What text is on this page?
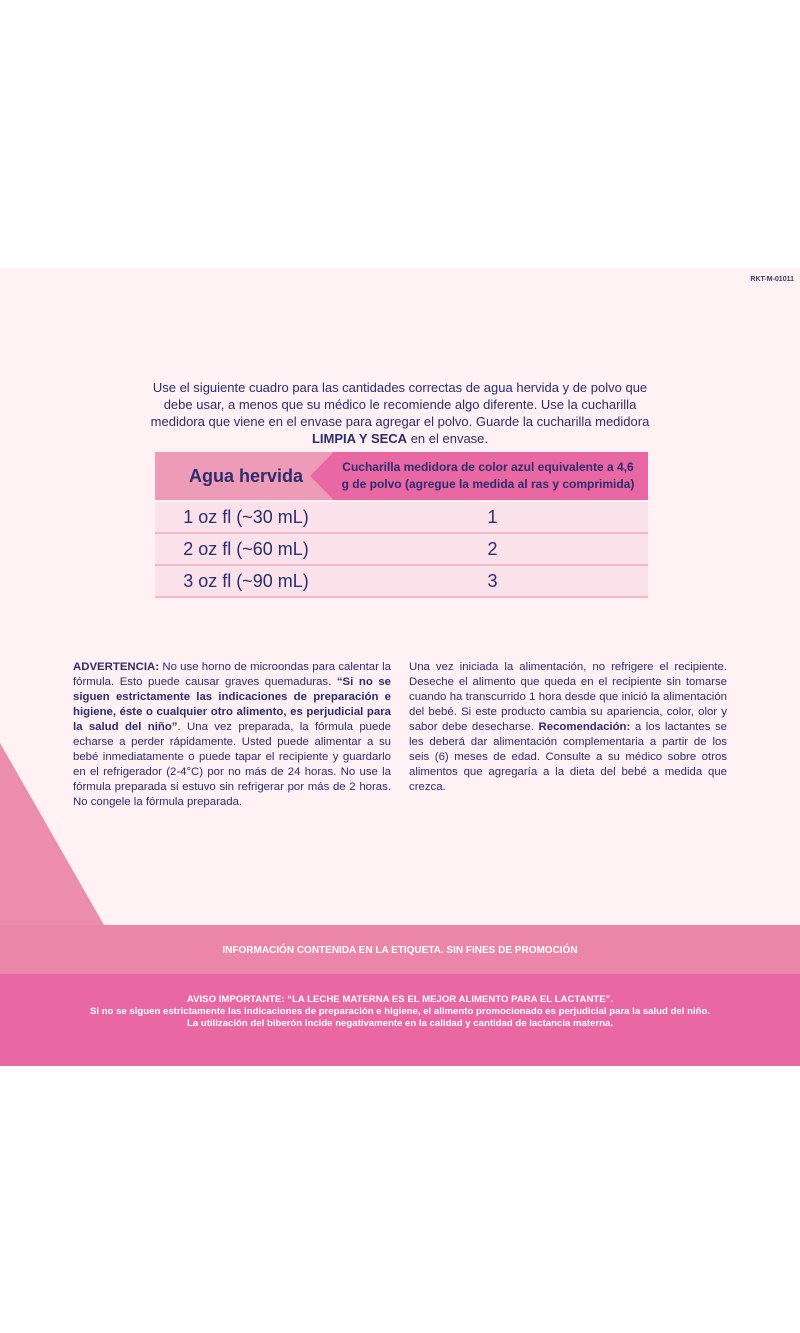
RKT-M-01011

Use el siguiente cuadro para las cantidades correctas de agua hervida y de polvo que debe usar, a menos que su médico le recomiende algo diferente. Use la cucharilla medidora que viene en el envase para agregar el polvo. Guarde la cucharilla medidora LIMPIA Y SECA en el envase.

Agua hervida	Cucharilla medidora de color azul equivalente a 4,6 g de polvo (agregue la medida al ras y comprimida)
1 oz fl (~30 mL)	1
2 oz fl (~60 mL)	2
3 oz fl (~90 mL)	3

ADVERTENCIA: No use horno de microondas para calentar la fórmula. Esto puede causar graves quemaduras. “Si no se siguen estrictamente las indicaciones de preparación e higiene, éste o cualquier otro alimento, es perjudicial para la salud del niño”. Una vez preparada, la fórmula puede echarse a perder rápidamente. Usted puede alimentar a su bebé inmediatamente o puede tapar el recipiente y guardarlo en el refrigerador (2-4°C) por no más de 24 horas. No use la fórmula preparada si estuvo sin refrigerar por más de 2 horas. No congele la fórmula preparada.

Una vez iniciada la alimentación, no refrigere el recipiente. Deseche el alimento que queda en el recipiente sin tomarse cuando ha transcurrido 1 hora desde que inició la alimentación del bebé. Si este producto cambia su apariencia, color, olor y sabor debe desecharse. Recomendación: a los lactantes se les deberá dar alimentación complementaria a partir de los seis (6) meses de edad. Consulte a su médico sobre otros alimentos que agregaría a la dieta del bebé a medida que crezca.

INFORMACIÓN CONTENIDA EN LA ETIQUETA. SIN FINES DE PROMOCIÓN
AVISO IMPORTANTE: “LA LECHE MATERNA ES EL MEJOR ALIMENTO PARA EL LACTANTE”.
Si no se siguen estrictamente las indicaciones de preparación e higiene, el alimento promocionado es perjudicial para la salud del niño.
La utilización del biberón incide negativamente en la calidad y cantidad de lactancia materna.
